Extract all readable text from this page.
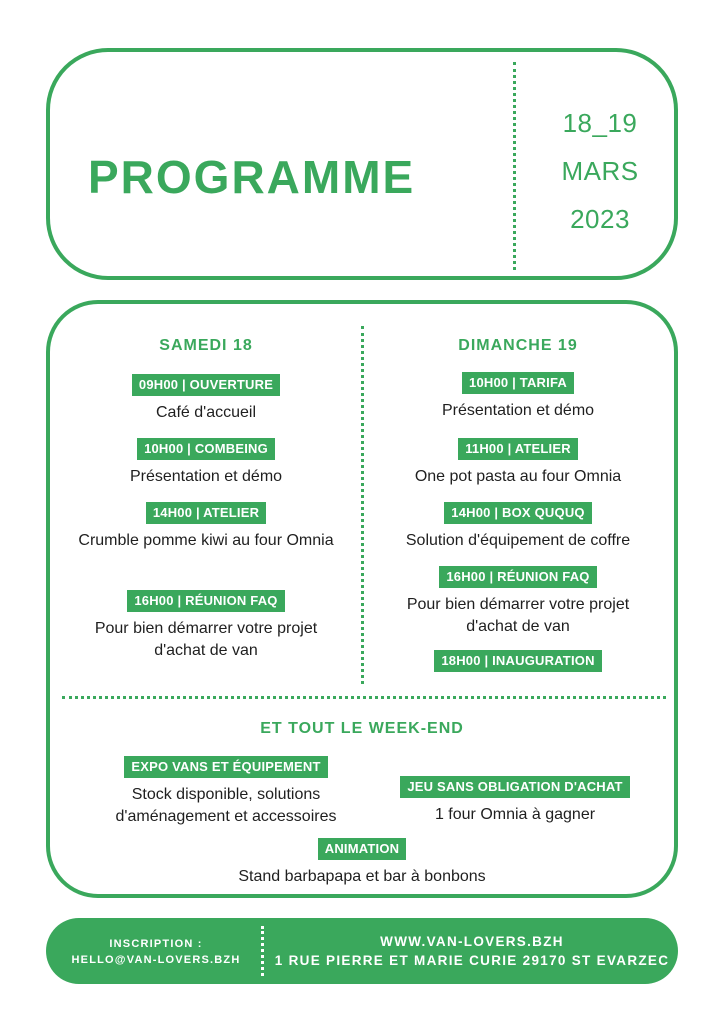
PROGRAMME
18_19
MARS
2023
SAMEDI 18
09H00 | OUVERTURE
Café d'accueil
10H00 | COMBEING
Présentation et démo
14H00 | ATELIER
Crumble pomme kiwi au four Omnia
16H00 | RÉUNION FAQ
Pour bien démarrer votre projet d'achat de van
DIMANCHE 19
10H00 | TARIFA
Présentation et démo
11H00 | ATELIER
One pot pasta au four Omnia
14H00 | BOX QUQUQ
Solution d'équipement de coffre
16H00 | RÉUNION FAQ
Pour bien démarrer votre projet d'achat de van
18H00 | INAUGURATION
ET TOUT LE WEEK-END
EXPO VANS ET ÉQUIPEMENT
Stock disponible, solutions d'aménagement et accessoires
JEU SANS OBLIGATION D'ACHAT
1 four Omnia à gagner
ANIMATION
Stand barbapapa et bar à bonbons
INSCRIPTION :
HELLO@VAN-LOVERS.BZH
WWW.VAN-LOVERS.BZH
1 RUE PIERRE ET MARIE CURIE 29170 ST EVARZEC
